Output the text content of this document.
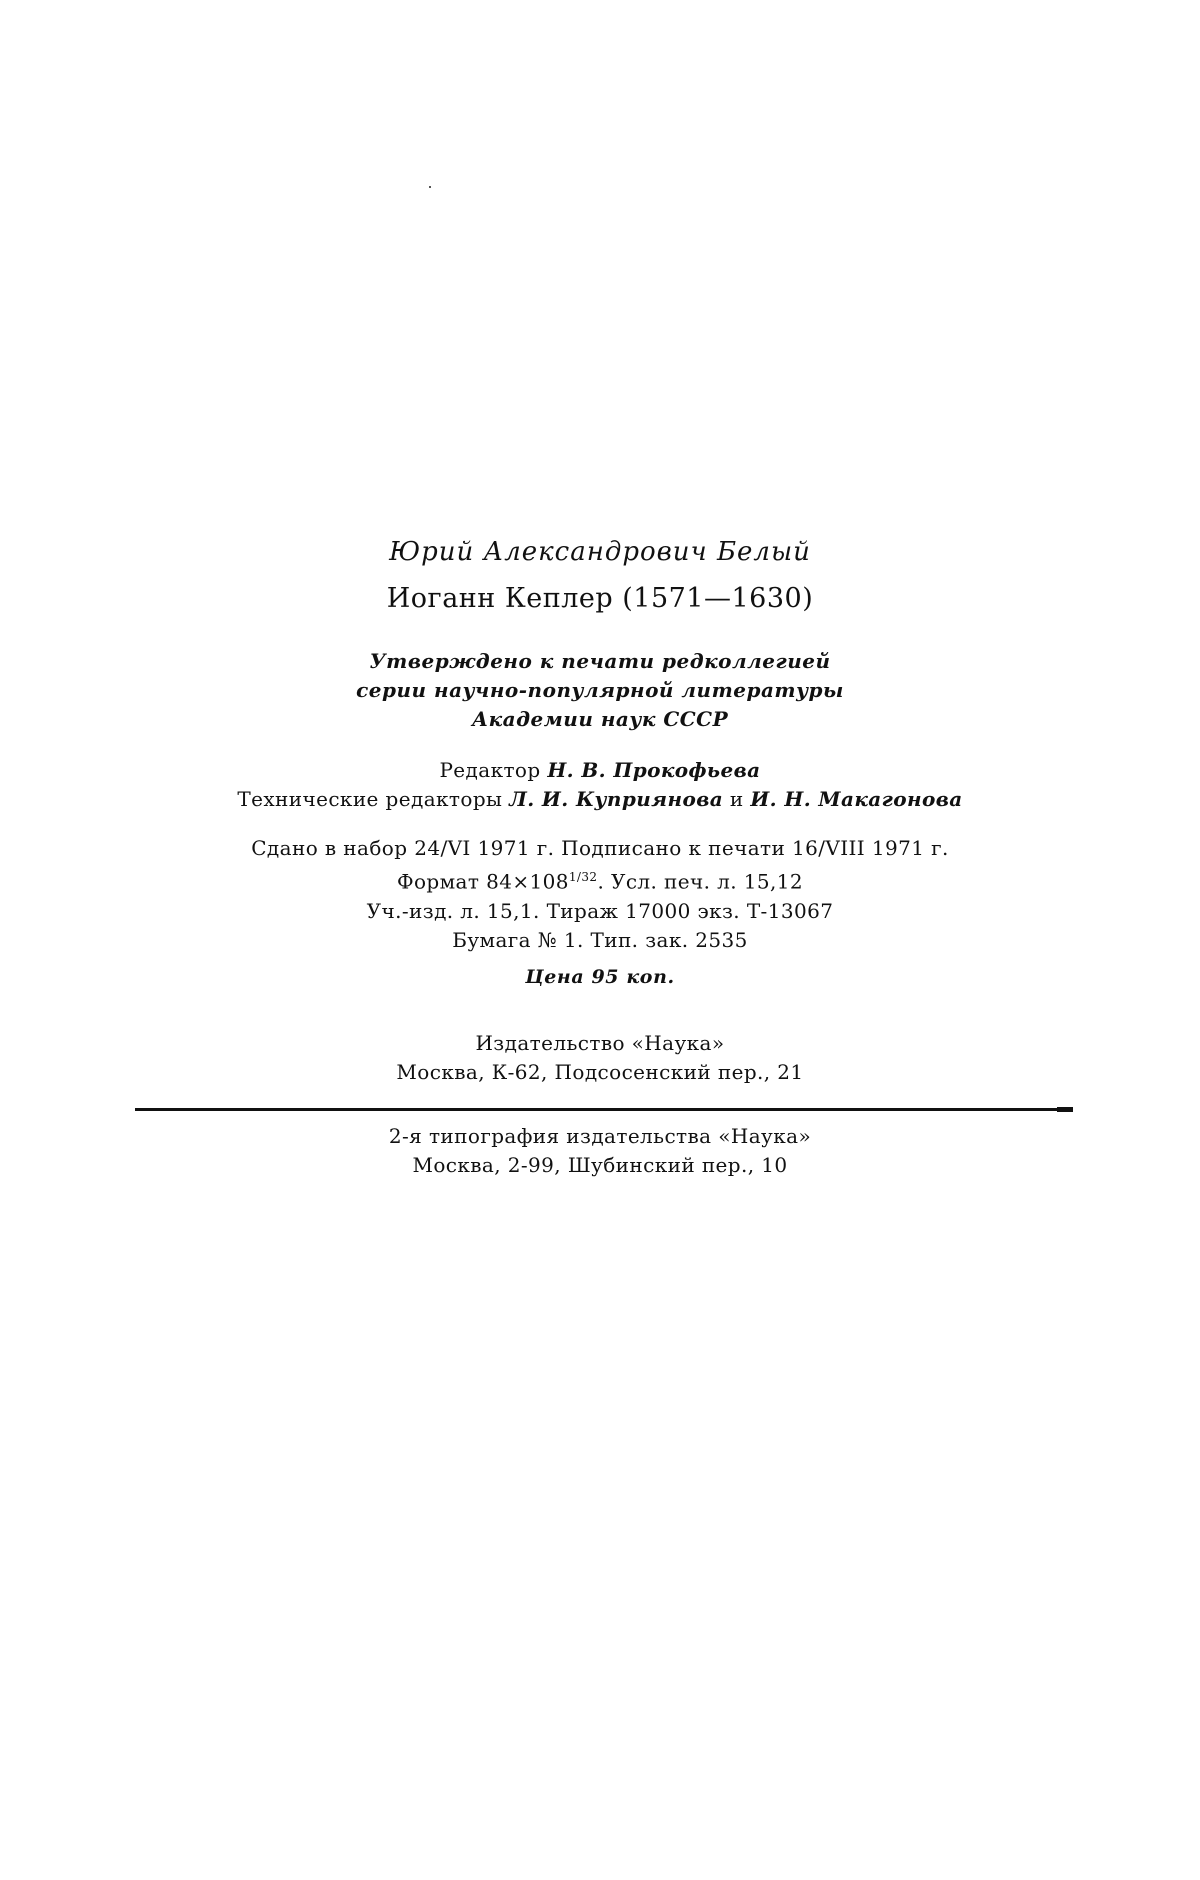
Юрий Александрович Белый
Иоганн Кеплер (1571—1630)
Утверждено к печати редколлегией
серии научно-популярной литературы
Академии наук СССР
Редактор Н. В. Прокофьева
Технические редакторы Л. И. Куприянова и И. Н. Макагонова
Сдано в набор 24/VI 1971 г. Подписано к печати 16/VIII 1971 г.
Формат $84\times 108^{1/32}$. Усл. печ. л. 15,12
Уч.-изд. л. 15,1. Тираж 17000 экз. Т-13067
Бумага № 1. Тип. зак. 2535
Цена 95 коп.
Издательство «Наука»
Москва, К-62, Подсосенский пер., 21
2-я типография издательства «Наука»
Москва, 2-99, Шубинский пер., 10
